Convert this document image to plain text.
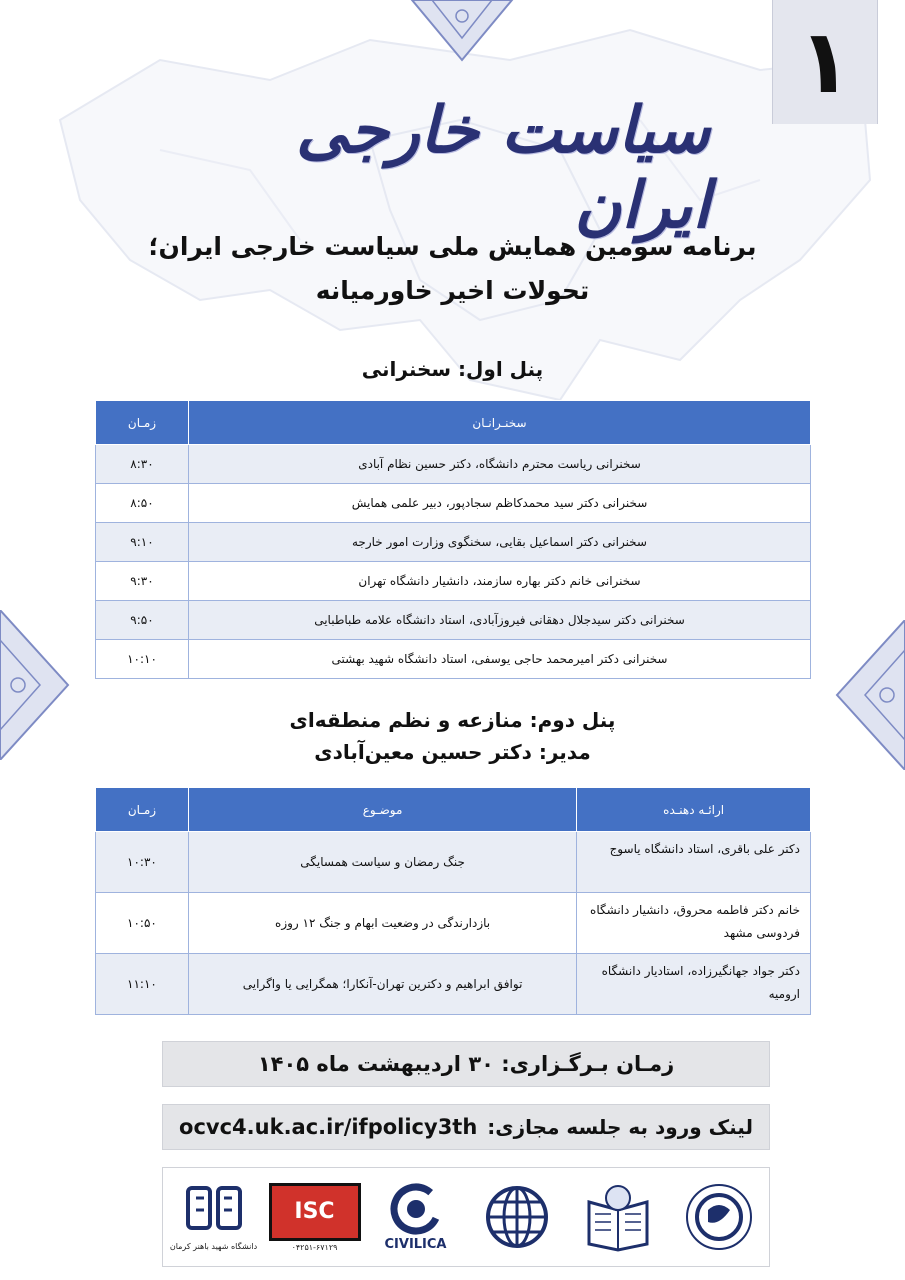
۱
سیاست خارجی ایران
برنامه سومین همایش ملی سیاست خارجی ایران؛
تحولات اخیر خاورمیانه
پنل اول: سخنرانی
سخنـرانـان	زمـان
سخنرانی ریاست محترم دانشگاه، دکتر حسین نظام آبادی	۸:۳۰
سخنرانی دکتر سید محمدکاظم سجادپور، دبیر علمی همایش	۸:۵۰
سخنرانی دکتر اسماعیل بقایی، سخنگوی وزارت امور خارجه	۹:۱۰
سخنرانی خانم دکتر بهاره سازمند، دانشیار دانشگاه تهران	۹:۳۰
سخنرانی دکتر سیدجلال دهقانی فیروزآبادی، استاد دانشگاه علامه طباطبایی	۹:۵۰
سخنرانی دکتر امیرمحمد حاجی یوسفی، استاد دانشگاه شهید بهشتی	۱۰:۱۰
پنل دوم: منازعه و نظم منطقه‌ای
مدیر: دکتر حسین معین‌آبادی
ارائـه دهنـده	موضـوع	زمـان
دکتر علی باقری، استاد دانشگاه یاسوج	جنگ رمضان و سیاست همسایگی	۱۰:۳۰
خانم دکتر فاطمه محروق، دانشیار دانشگاه فردوسی مشهد	بازدارندگی در وضعیت ابهام و جنگ ۱۲ روزه	۱۰:۵۰
دکتر جواد جهانگیرزاده، استادیار دانشگاه ارومیه	توافق ابراهیم و دکترین تهران-آنکارا؛ همگرایی یا واگرایی	۱۱:۱۰
زمـان بـرگـزاری: ۳۰ اردیبهشت ماه ۱۴۰۵
لینک ورود به جلسه مجازی:
ocvc4.uk.ac.ir/ifpolicy3th
دانشگاه شهید باهنر کرمان
ISC
۰۴۲۵۱-۶۷۱۲۹	CIVILICA
